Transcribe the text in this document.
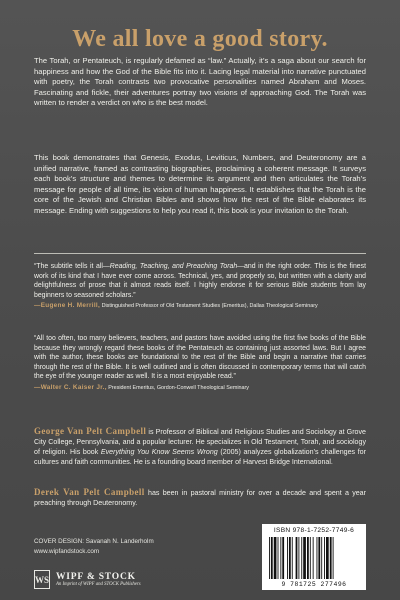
We all love a good story.
The Torah, or Pentateuch, is regularly defamed as “law.” Actually, it’s a saga about our search for happiness and how the God of the Bible fits into it. Lacing legal material into narrative punctuated with poetry, the Torah contrasts two provocative personalities named Abraham and Moses. Fascinating and fickle, their adventures portray two visions of approaching God. The Torah was written to render a verdict on who is the best model.
This book demonstrates that Genesis, Exodus, Leviticus, Numbers, and Deuteronomy are a unified narrative, framed as contrasting biographies, proclaiming a coherent message. It surveys each book’s structure and themes to determine its argument and then articulates the Torah’s message for people of all time, its vision of human happiness. It establishes that the Torah is the core of the Jewish and Christian Bibles and shows how the rest of the Bible elaborates its message. Ending with suggestions to help you read it, this book is your invitation to the Torah.
“The subtitle tells it all—Reading, Teaching, and Preaching Torah—and in the right order. This is the finest work of its kind that I have ever come across. Technical, yes, and properly so, but written with a clarity and delightfulness of prose that it almost reads itself. I highly endorse it for serious Bible students from lay beginners to seasoned scholars.”
—Eugene H. Merrill, Distinguished Professor of Old Testament Studies (Emeritus), Dallas Theological Seminary
“All too often, too many believers, teachers, and pastors have avoided using the first five books of the Bible because they wrongly regard these books of the Pentateuch as containing just assorted laws. But I agree with the author, these books are foundational to the rest of the Bible and begin a narrative that carries through the rest of the Bible. It is well outlined and is often discussed in contemporary terms that will catch the eye of the younger reader as well. It is a most enjoyable read.”
—Walter C. Kaiser Jr., President Emeritus, Gordon-Conwell Theological Seminary
George Van Pelt Campbell is Professor of Biblical and Religious Studies and Sociology at Grove City College, Pennsylvania, and a popular lecturer. He specializes in Old Testament, Torah, and sociology of religion. His book Everything You Know Seems Wrong (2005) analyzes globalization’s challenges for cultures and faith communities. He is a founding board member of Harvest Bridge International.
Derek Van Pelt Campbell has been in pastoral ministry for over a decade and spent a year preaching through Deuteronomy.
COVER DESIGN: Savanah N. Landerholm
www.wipfandstock.com
WS WIPF & STOCK
An Imprint of WIPF and STOCK Publishers
ISBN 978-1-7252-7749-6
9 781725 277496
